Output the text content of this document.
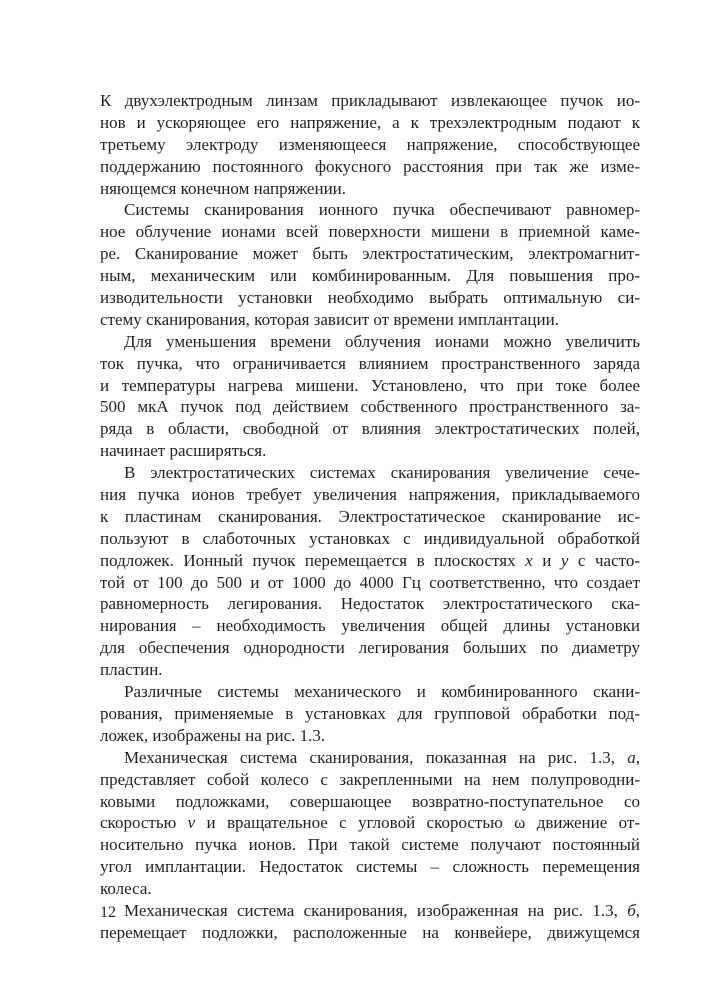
К двухэлектродным линзам прикладывают извлекающее пучок ио-
нов и ускоряющее его напряжение, а к трехэлектродным подают к
третьему электроду изменяющееся напряжение, способствующее
поддержанию постоянного фокусного расстояния при так же изме-
няющемся конечном напряжении.
Системы сканирования ионного пучка обеспечивают равномер-
ное облучение ионами всей поверхности мишени в приемной каме-
ре. Сканирование может быть электростатическим, электромагнит-
ным, механическим или комбинированным. Для повышения про-
изводительности установки необходимо выбрать оптимальную си-
стему сканирования, которая зависит от времени имплантации.
Для уменьшения времени облучения ионами можно увеличить
ток пучка, что ограничивается влиянием пространственного заряда
и температуры нагрева мишени. Установлено, что при токе более
500 мкА пучок под действием собственного пространственного за-
ряда в области, свободной от влияния электростатических полей,
начинает расширяться.
В электростатических системах сканирования увеличение сече-
ния пучка ионов требует увеличения напряжения, прикладываемого
к пластинам сканирования. Электростатическое сканирование ис-
пользуют в слаботочных установках с индивидуальной обработкой
подложек. Ионный пучок перемещается в плоскостях x и y с часто-
той от 100 до 500 и от 1000 до 4000 Гц соответственно, что создает
равномерность легирования. Недостаток электростатического ска-
нирования – необходимость увеличения общей длины установки
для обеспечения однородности легирования больших по диаметру
пластин.
Различные системы механического и комбинированного скани-
рования, применяемые в установках для групповой обработки под-
ложек, изображены на рис. 1.3.
Механическая система сканирования, показанная на рис. 1.3, а,
представляет собой колесо с закрепленными на нем полупроводни-
ковыми подложками, совершающее возвратно-поступательное со
скоростью v и вращательное с угловой скоростью ω движение от-
носительно пучка ионов. При такой системе получают постоянный
угол имплантации. Недостаток системы – сложность перемещения
колеса.
Механическая система сканирования, изображенная на рис. 1.3, б,
перемещает подложки, расположенные на конвейере, движущемся
12
